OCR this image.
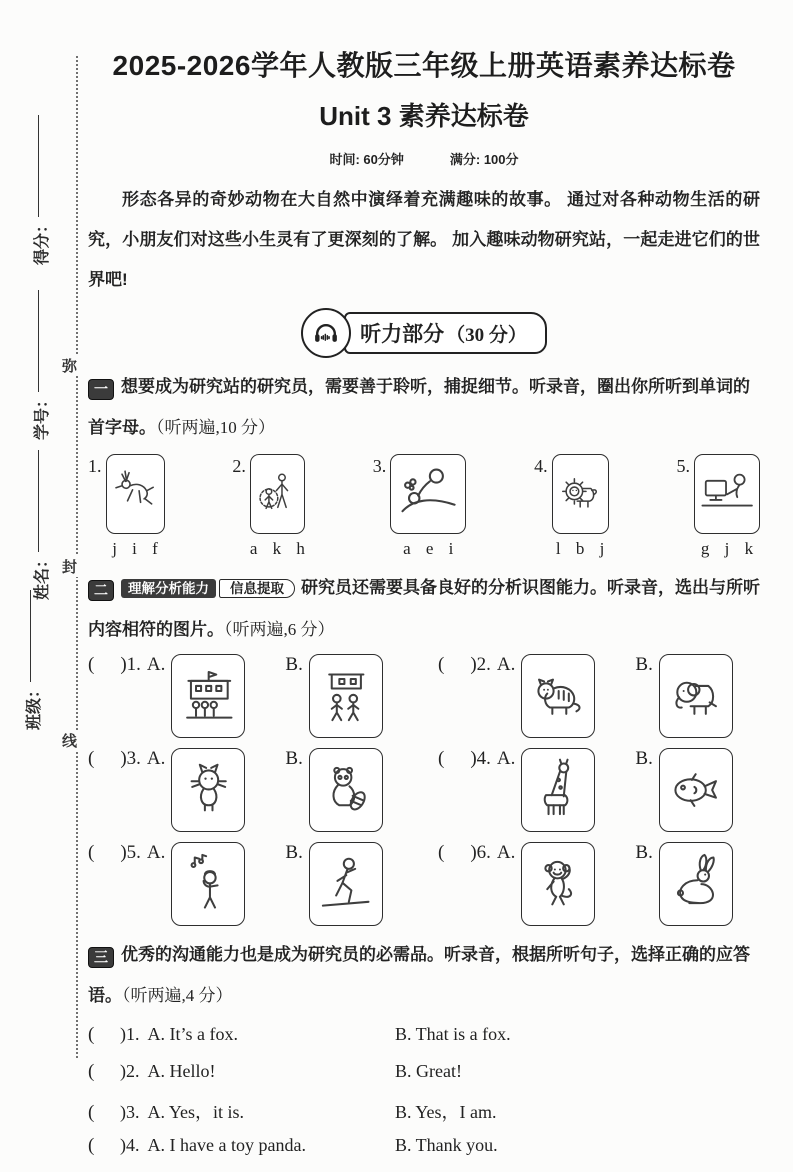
得分：
学号：
姓名：
班级：
弥
封
线
2025-2026学年人教版三年级上册英语素养达标卷
Unit 3 素养达标卷
时间: 60分钟	满分: 100分
形态各异的奇妙动物在大自然中演绎着充满趣味的故事。 通过对各种动物生活的研究，小朋友们对这些小生灵有了更深刻的了解。 加入趣味动物研究站，一起走进它们的世界吧!
听力部分 （30 分）
一 想要成为研究站的研究员，需要善于聆听，捕捉细节。听录音，圈出你所听到单词的首字母。（听两遍,10 分）
1.
j i f
2.
a k h
3.
a e i
4.
l b j
5.
g j k
二 理解分析能力 信息提取 研究员还需要具备良好的分析识图能力。听录音，选出与所听内容相符的图片。（听两遍,6 分）
( )1. A.	B.	( )2. A.	B.
( )3. A.	B.	( )4. A.	B.
( )5. A.	B.	( )6. A.	B.
三 优秀的沟通能力也是成为研究员的必需品。听录音，根据所听句子，选择正确的应答语。（听两遍,4 分）
(	)1. A. It’s a fox.	B. That is a fox.
(	)2. A. Hello!	B. Great!
(	)3. A. Yes，it is.	B. Yes，I am.
(	)4. A. I have a toy panda.	B. Thank you.
